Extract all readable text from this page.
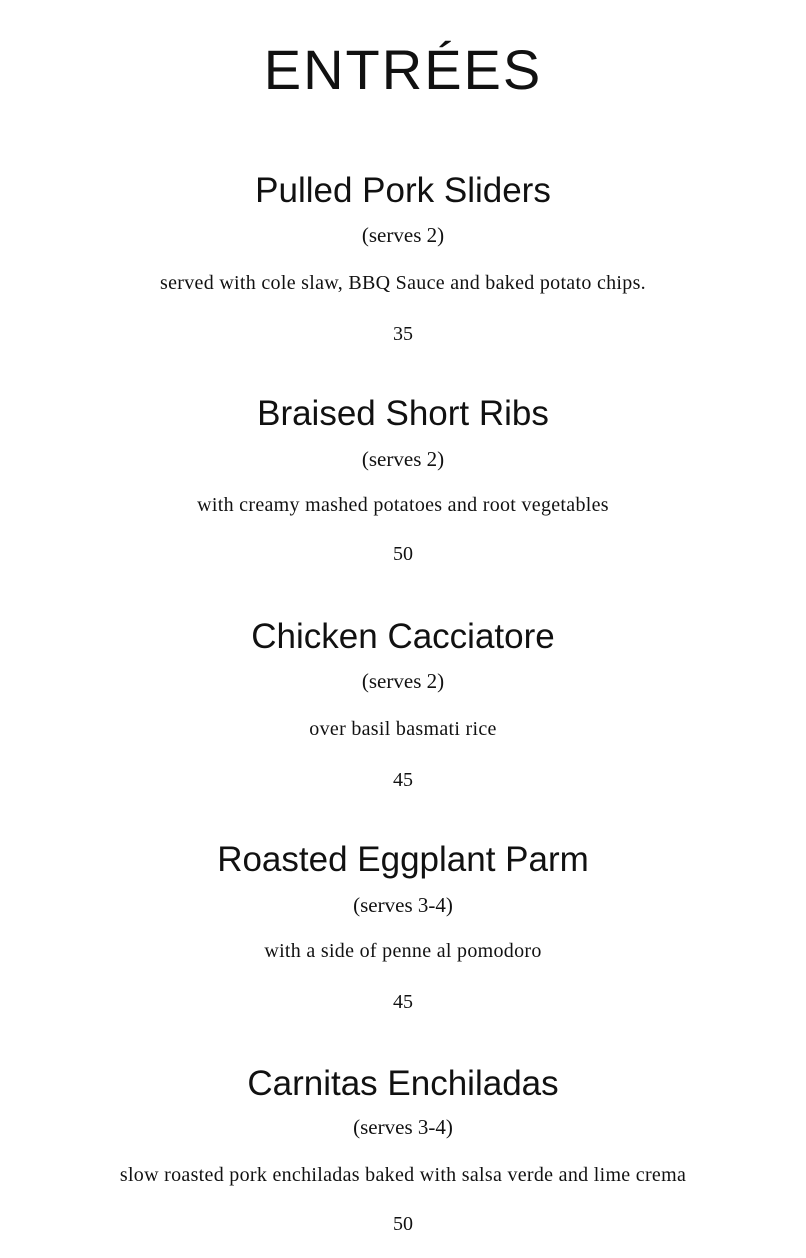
ENTRÉES
Pulled Pork Sliders
(serves 2)
served with cole slaw, BBQ Sauce and baked potato chips.
35
Braised Short Ribs
(serves 2)
with creamy mashed potatoes and root vegetables
50
Chicken Cacciatore
(serves 2)
over basil basmati rice
45
Roasted Eggplant Parm
(serves 3-4)
with a side of penne al pomodoro
45
Carnitas Enchiladas
(serves 3-4)
slow roasted pork enchiladas baked with salsa verde and lime crema
50
